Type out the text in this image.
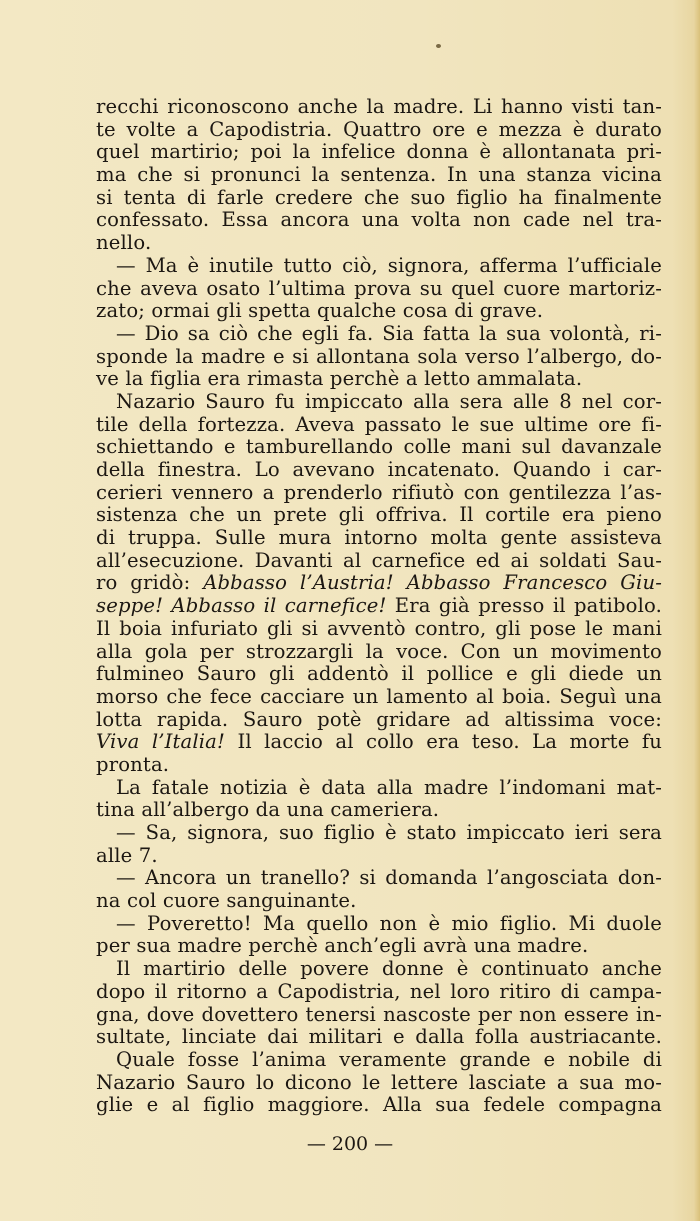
recchi riconoscono anche la madre. Li hanno visti tan-
te volte a Capodistria. Quattro ore e mezza è durato
quel martirio; poi la infelice donna è allontanata pri-
ma che si pronunci la sentenza. In una stanza vicina
si tenta di farle credere che suo figlio ha finalmente
confessato. Essa ancora una volta non cade nel tra-
nello.
— Ma è inutile tutto ciò, signora, afferma l’ufficiale
che aveva osato l’ultima prova su quel cuore martoriz-
zato; ormai gli spetta qualche cosa di grave.
— Dio sa ciò che egli fa. Sia fatta la sua volontà, ri-
sponde la madre e si allontana sola verso l’albergo, do-
ve la figlia era rimasta perchè a letto ammalata.
Nazario Sauro fu impiccato alla sera alle 8 nel cor-
tile della fortezza. Aveva passato le sue ultime ore fi-
schiettando e tamburellando colle mani sul davanzale
della finestra. Lo avevano incatenato. Quando i car-
cerieri vennero a prenderlo rifiutò con gentilezza l’as-
sistenza che un prete gli offriva. Il cortile era pieno
di truppa. Sulle mura intorno molta gente assisteva
all’esecuzione. Davanti al carnefice ed ai soldati Sau-
ro gridò: Abbasso l’Austria! Abbasso Francesco Giu-
seppe! Abbasso il carnefice! Era già presso il patibolo.
Il boia infuriato gli si avventò contro, gli pose le mani
alla gola per strozzargli la voce. Con un movimento
fulmineo Sauro gli addentò il pollice e gli diede un
morso che fece cacciare un lamento al boia. Seguì una
lotta rapida. Sauro potè gridare ad altissima voce:
Viva l’Italia! Il laccio al collo era teso. La morte fu
pronta.
La fatale notizia è data alla madre l’indomani mat-
tina all’albergo da una cameriera.
— Sa, signora, suo figlio è stato impiccato ieri sera
alle 7.
— Ancora un tranello? si domanda l’angosciata don-
na col cuore sanguinante.
— Poveretto! Ma quello non è mio figlio. Mi duole
per sua madre perchè anch’egli avrà una madre.
Il martirio delle povere donne è continuato anche
dopo il ritorno a Capodistria, nel loro ritiro di campa-
gna, dove dovettero tenersi nascoste per non essere in-
sultate, linciate dai militari e dalla folla austriacante.
Quale fosse l’anima veramente grande e nobile di
Nazario Sauro lo dicono le lettere lasciate a sua mo-
glie e al figlio maggiore. Alla sua fedele compagna
— 200 —
